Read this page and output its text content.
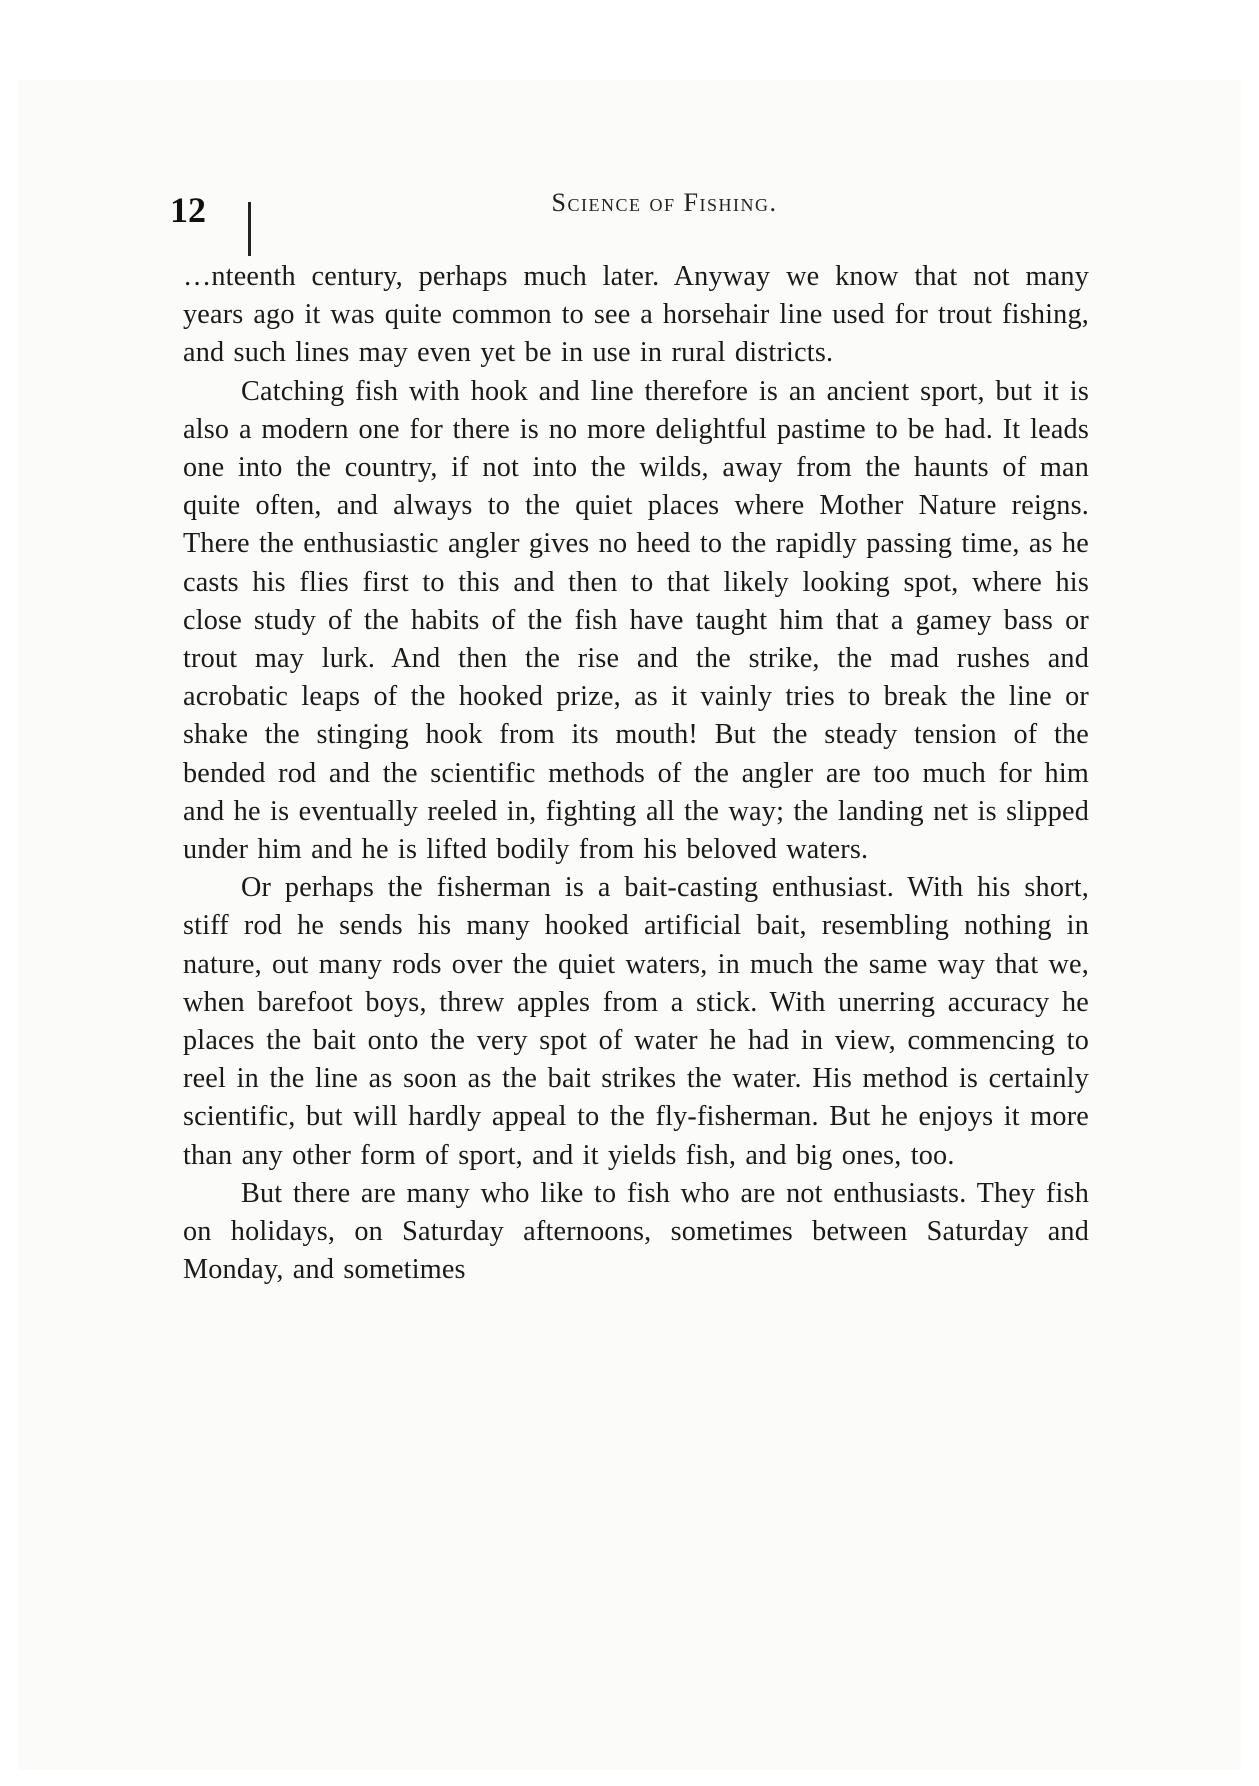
12	Science of Fishing.

…nteenth century, perhaps much later. Anyway we know that not many years ago it was quite common to see a horsehair line used for trout fishing, and such lines may even yet be in use in rural districts.

Catching fish with hook and line therefore is an ancient sport, but it is also a modern one for there is no more delightful pastime to be had. It leads one into the country, if not into the wilds, away from the haunts of man quite often, and always to the quiet places where Mother Nature reigns. There the enthusiastic angler gives no heed to the rapidly passing time, as he casts his flies first to this and then to that likely looking spot, where his close study of the habits of the fish have taught him that a gamey bass or trout may lurk. And then the rise and the strike, the mad rushes and acrobatic leaps of the hooked prize, as it vainly tries to break the line or shake the stinging hook from its mouth! But the steady tension of the bended rod and the scientific methods of the angler are too much for him and he is eventually reeled in, fighting all the way; the landing net is slipped under him and he is lifted bodily from his beloved waters.

Or perhaps the fisherman is a bait-casting enthusiast. With his short, stiff rod he sends his many hooked artificial bait, resembling nothing in nature, out many rods over the quiet waters, in much the same way that we, when barefoot boys, threw apples from a stick. With unerring accuracy he places the bait onto the very spot of water he had in view, commencing to reel in the line as soon as the bait strikes the water. His method is certainly scientific, but will hardly appeal to the fly-fisherman. But he enjoys it more than any other form of sport, and it yields fish, and big ones, too.

But there are many who like to fish who are not enthusiasts. They fish on holidays, on Saturday afternoons, sometimes between Saturday and Monday, and sometimes
